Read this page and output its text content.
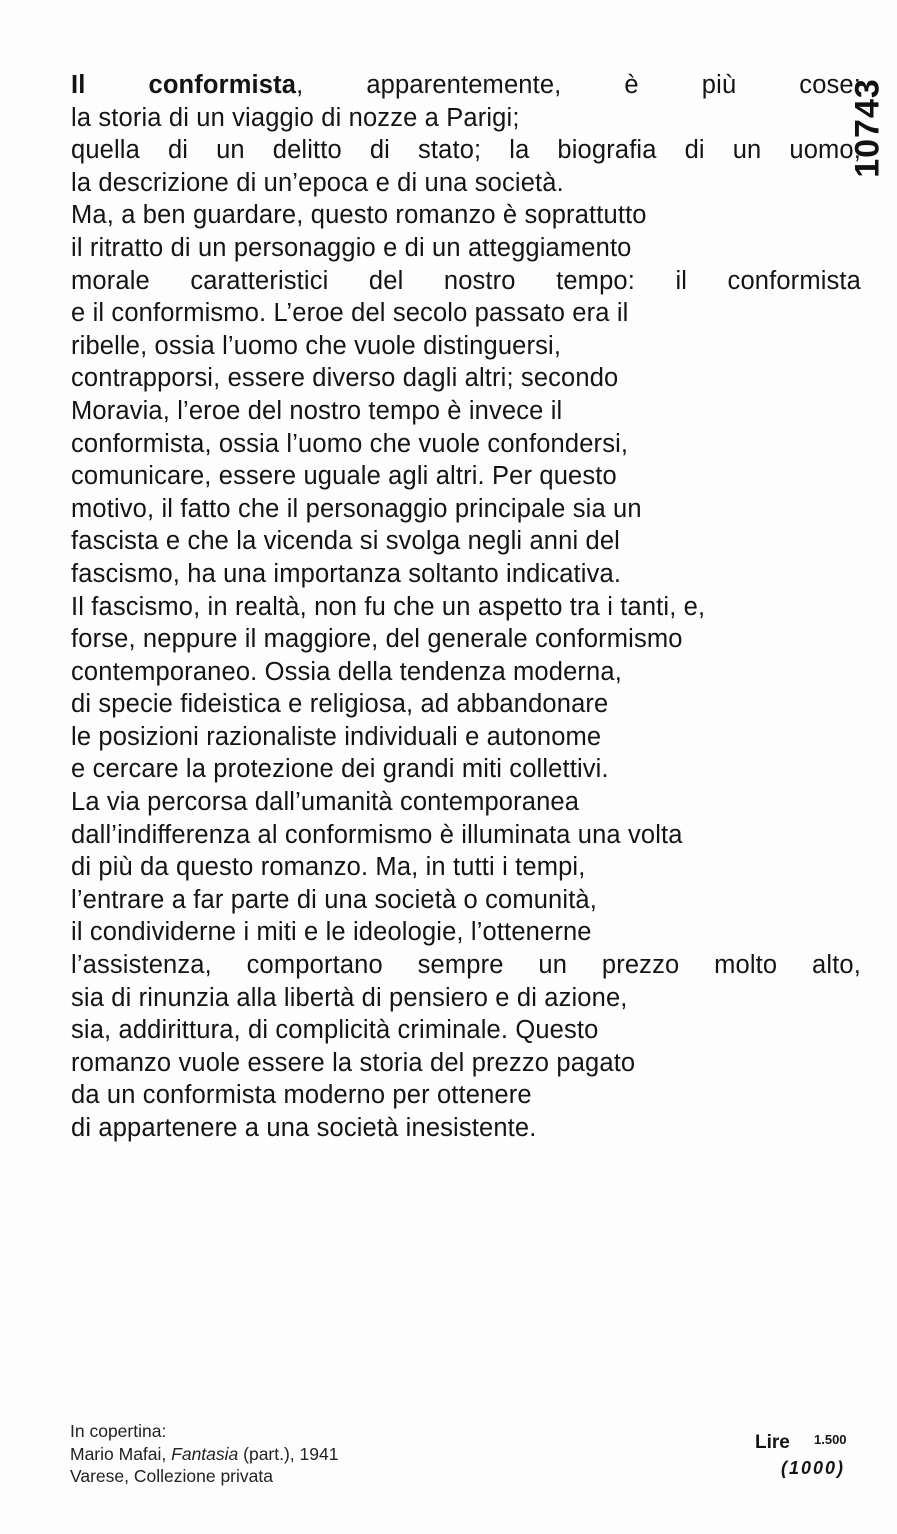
10743
Il conformista, apparentemente, è più cose:
la storia di un viaggio di nozze a Parigi;
quella di un delitto di stato; la biografia di un uomo;
la descrizione di un’epoca e di una società.
Ma, a ben guardare, questo romanzo è soprattutto
il ritratto di un personaggio e di un atteggiamento
morale caratteristici del nostro tempo: il conformista
e il conformismo. L’eroe del secolo passato era il
ribelle, ossia l’uomo che vuole distinguersi,
contrapporsi, essere diverso dagli altri; secondo
Moravia, l’eroe del nostro tempo è invece il
conformista, ossia l’uomo che vuole confondersi,
comunicare, essere uguale agli altri. Per questo
motivo, il fatto che il personaggio principale sia un
fascista e che la vicenda si svolga negli anni del
fascismo, ha una importanza soltanto indicativa.
Il fascismo, in realtà, non fu che un aspetto tra i tanti, e,
forse, neppure il maggiore, del generale conformismo
contemporaneo. Ossia della tendenza moderna,
di specie fideistica e religiosa, ad abbandonare
le posizioni razionaliste individuali e autonome
e cercare la protezione dei grandi miti collettivi.
La via percorsa dall’umanità contemporanea
dall’indifferenza al conformismo è illuminata una volta
di più da questo romanzo. Ma, in tutti i tempi,
l’entrare a far parte di una società o comunità,
il condividerne i miti e le ideologie, l’ottenerne
l’assistenza, comportano sempre un prezzo molto alto,
sia di rinunzia alla libertà di pensiero e di azione,
sia, addirittura, di complicità criminale. Questo
romanzo vuole essere la storia del prezzo pagato
da un conformista moderno per ottenere
di appartenere a una società inesistente.
In copertina:
Mario Mafai, Fantasia (part.), 1941
Varese, Collezione privata
Lire 1.500
(1000)
